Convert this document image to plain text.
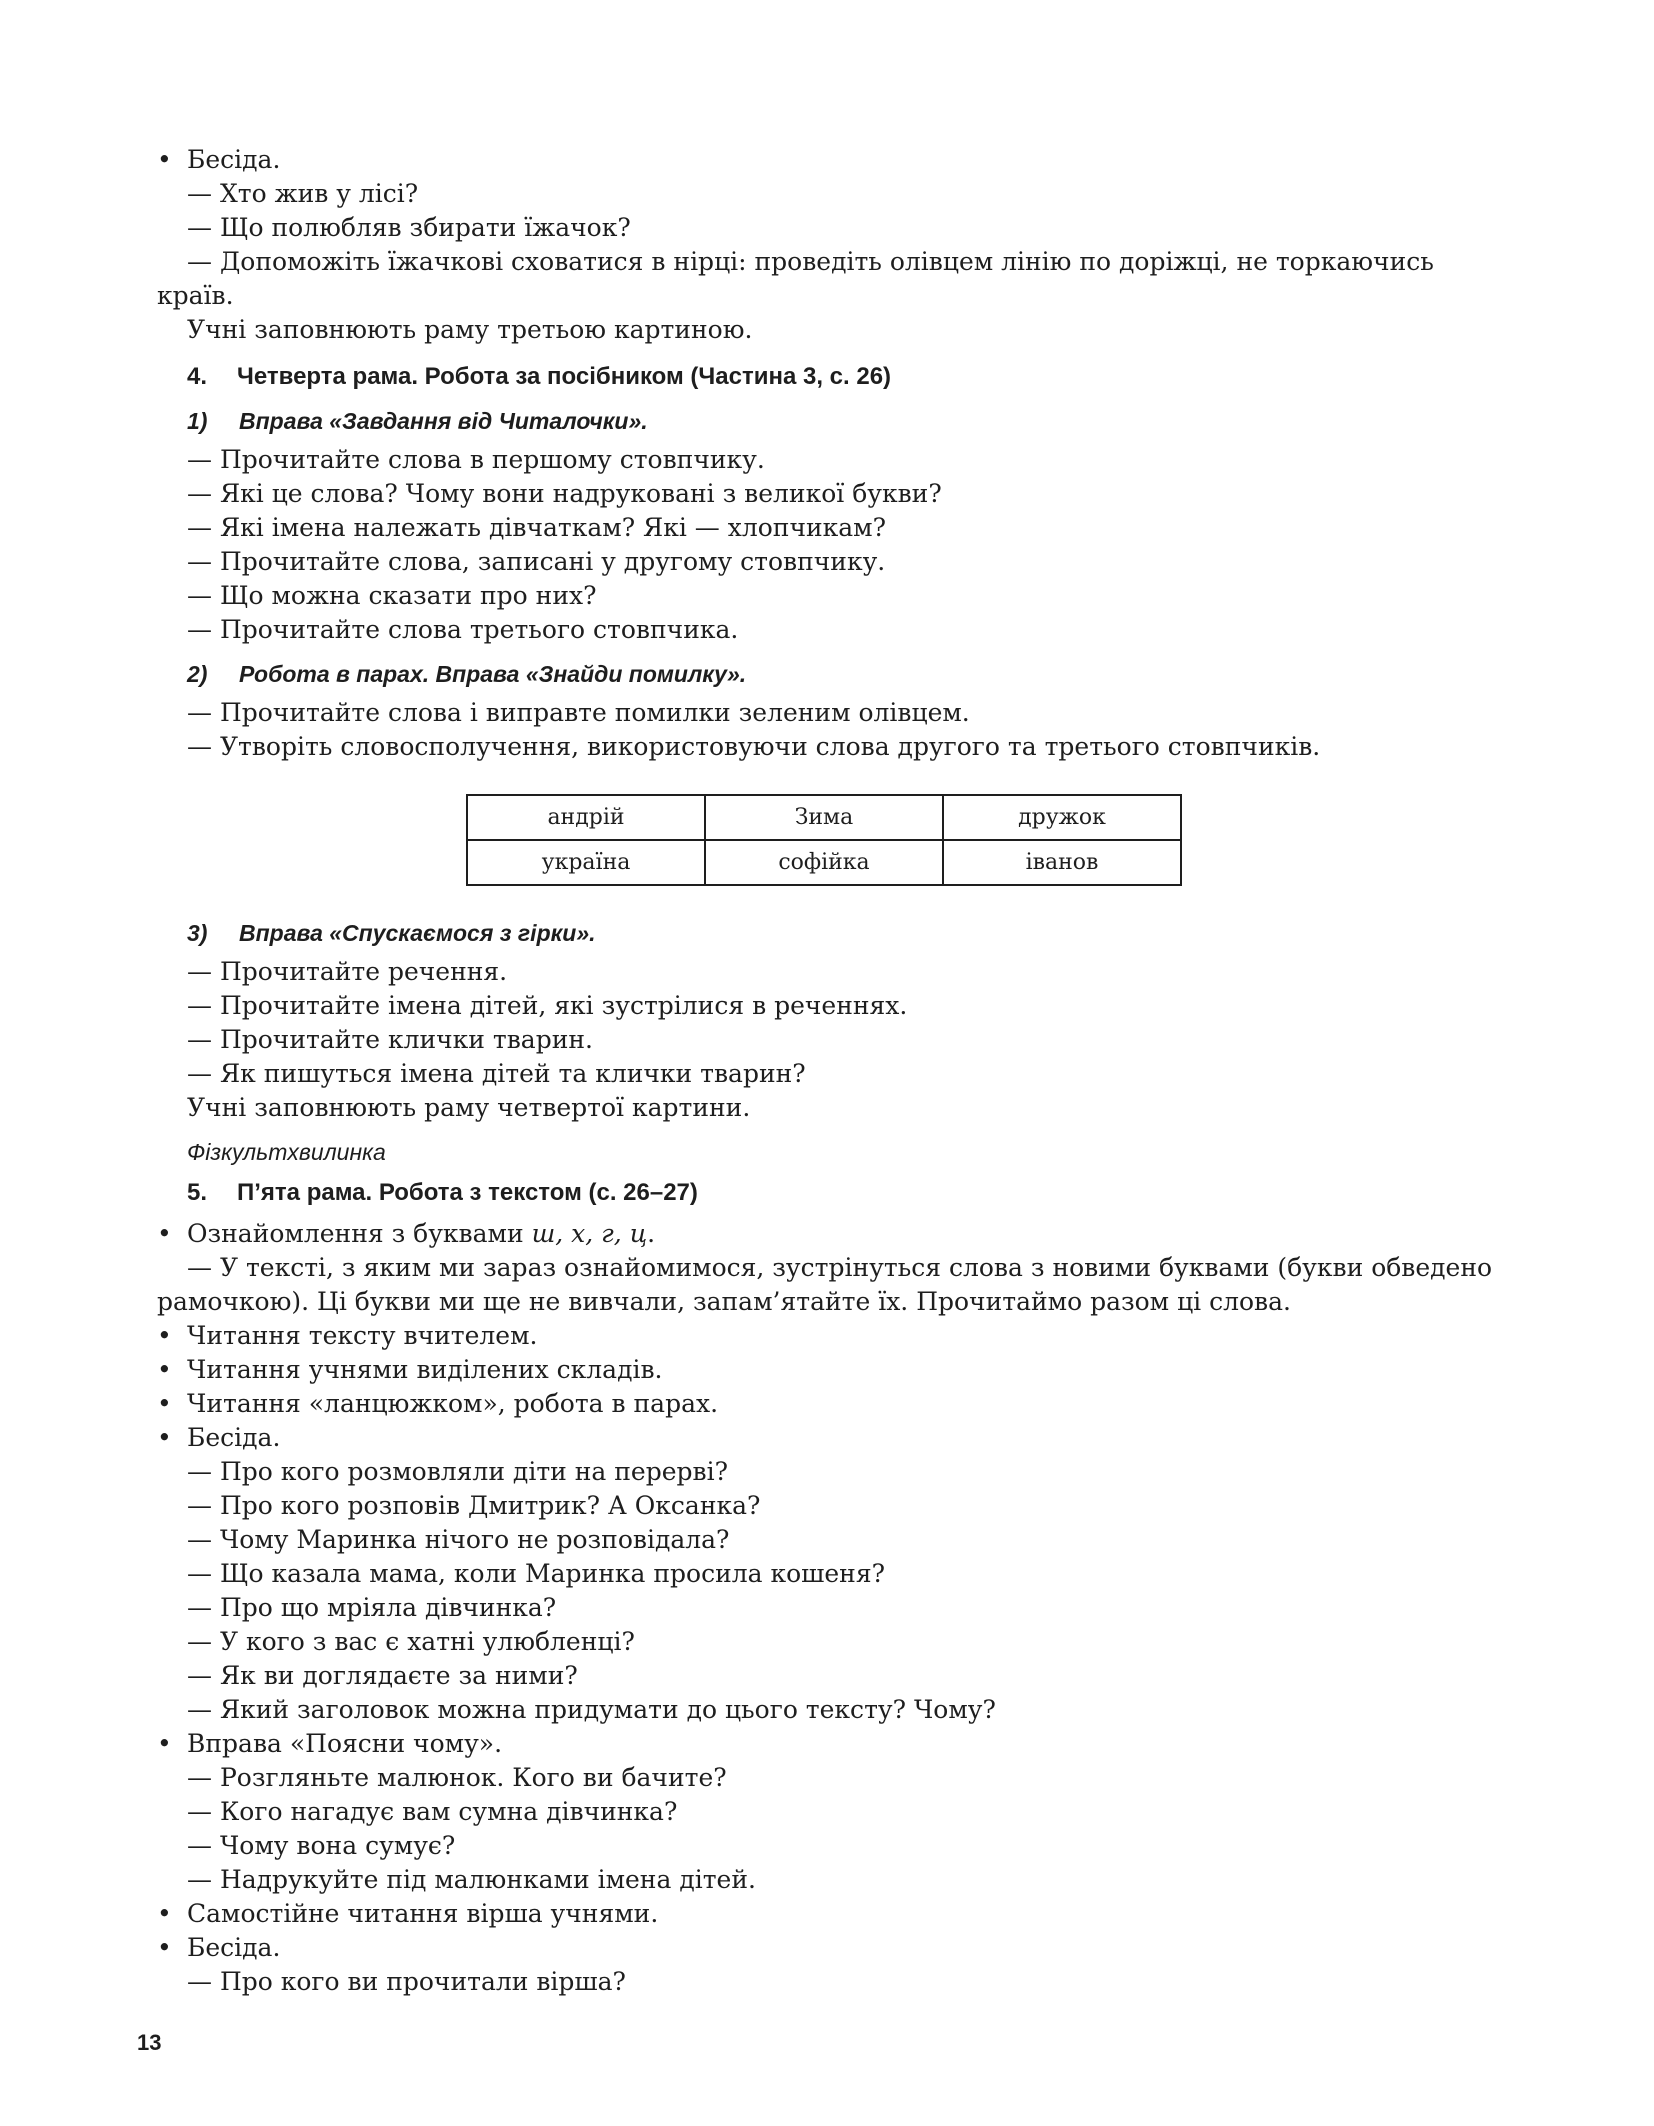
• Бесіда.
— Хто жив у лісі?
— Що полюбляв збирати їжачок?
— Допоможіть їжачкові сховатися в нірці: проведіть олівцем лінію по доріжці, не торкаючись
країв.
Учні заповнюють раму третьою картиною.
4. Четверта рама. Робота за посібником (Частина 3, с. 26)
1) Вправа «Завдання від Читалочки».
— Прочитайте слова в першому стовпчику.
— Які це слова? Чому вони надруковані з великої букви?
— Які імена належать дівчаткам? Які — хлопчикам?
— Прочитайте слова, записані у другому стовпчику.
— Що можна сказати про них?
— Прочитайте слова третього стовпчика.
2) Робота в парах. Вправа «Знайди помилку».
— Прочитайте слова і виправте помилки зеленим олівцем.
— Утворіть словосполучення, використовуючи слова другого та третього стовпчиків.
андрій	Зима	дружок
україна	софійка	іванов
3) Вправа «Спускаємося з гірки».
— Прочитайте речення.
— Прочитайте імена дітей, які зустрілися в реченнях.
— Прочитайте клички тварин.
— Як пишуться імена дітей та клички тварин?
Учні заповнюють раму четвертої картини.
Фізкультхвилинка
5. П’ята рама. Робота з текстом (с. 26–27)
• Ознайомлення з буквами ш, х, г, ц.
— У тексті, з яким ми зараз ознайомимося, зустрінуться слова з новими буквами (букви обведено
рамочкою). Ці букви ми ще не вивчали, запам’ятайте їх. Прочитаймо разом ці слова.
• Читання тексту вчителем.
• Читання учнями виділених складів.
• Читання «ланцюжком», робота в парах.
• Бесіда.
— Про кого розмовляли діти на перерві?
— Про кого розповів Дмитрик? А Оксанка?
— Чому Маринка нічого не розповідала?
— Що казала мама, коли Маринка просила кошеня?
— Про що мріяла дівчинка?
— У кого з вас є хатні улюбленці?
— Як ви доглядаєте за ними?
— Який заголовок можна придумати до цього тексту? Чому?
• Вправа «Поясни чому».
— Розгляньте малюнок. Кого ви бачите?
— Кого нагадує вам сумна дівчинка?
— Чому вона сумує?
— Надрукуйте під малюнками імена дітей.
• Самостійне читання вірша учнями.
• Бесіда.
— Про кого ви прочитали вірша?
13
